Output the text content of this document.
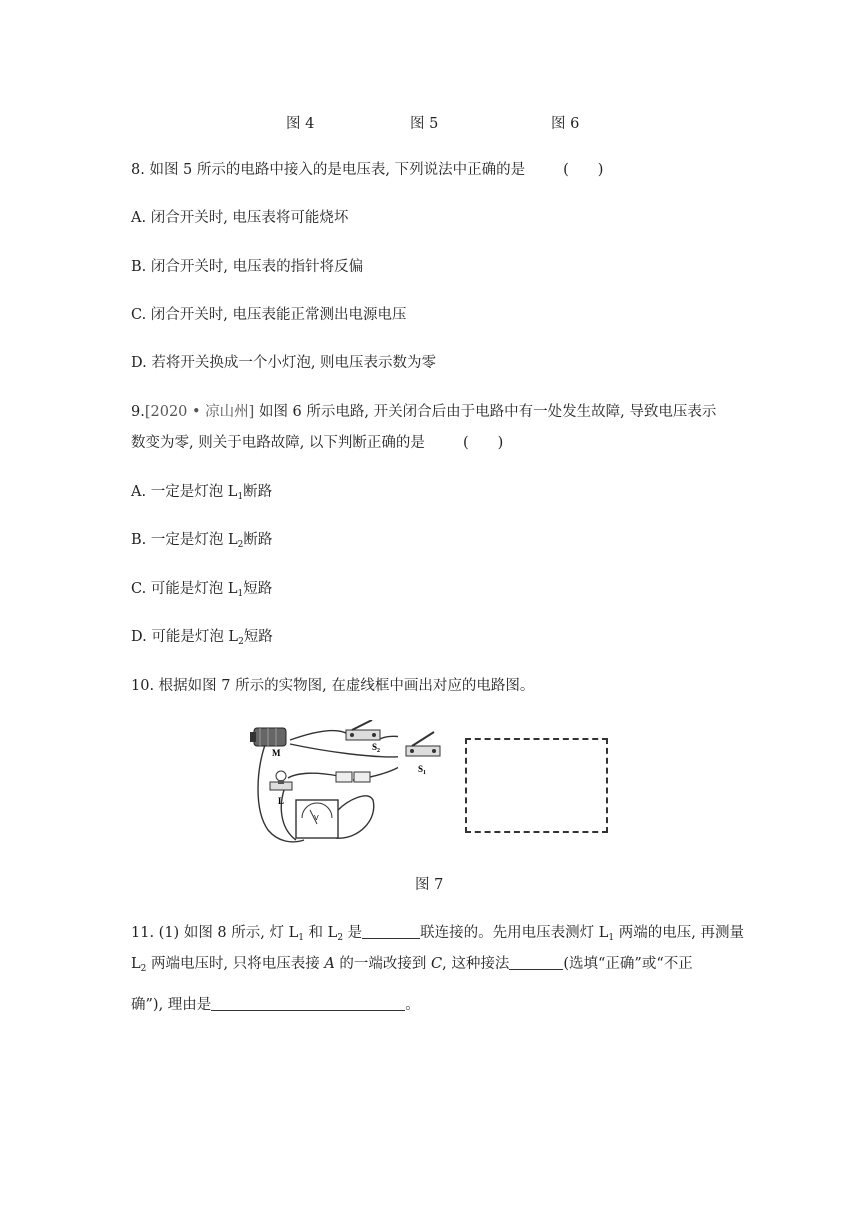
图 4	图 5	图 6
8. 如图 5 所示的电路中接入的是电压表, 下列说法中正确的是	(　　)
A. 闭合开关时, 电压表将可能烧坏
B. 闭合开关时, 电压表的指针将反偏
C. 闭合开关时, 电压表能正常测出电源电压
D. 若将开关换成一个小灯泡, 则电压表示数为零
9.[2020 • 凉山州] 如图 6 所示电路, 开关闭合后由于电路中有一处发生故障, 导致电压表示
数变为零, 则关于电路故障, 以下判断正确的是	(　　)
A. 一定是灯泡 $L_1$断路
B. 一定是灯泡 $L_2$断路
C. 可能是灯泡 $L_1$短路
D. 可能是灯泡 $L_2$短路
10. 根据如图 7 所示的实物图, 在虚线框中画出对应的电路图。
M
$S_2$
L
V
$S_1$
图 7
11. (1) 如图 8 所示, 灯 $L_1$ 和 $L_2$ 是	联连接的。先用电压表测灯 $L_1$ 两端的电压, 再测量
$L_2$ 两端电压时, 只将电压表接 A 的一端改接到 C, 这种接法	(选填“正确”或“不正
确”), 理由是	。
